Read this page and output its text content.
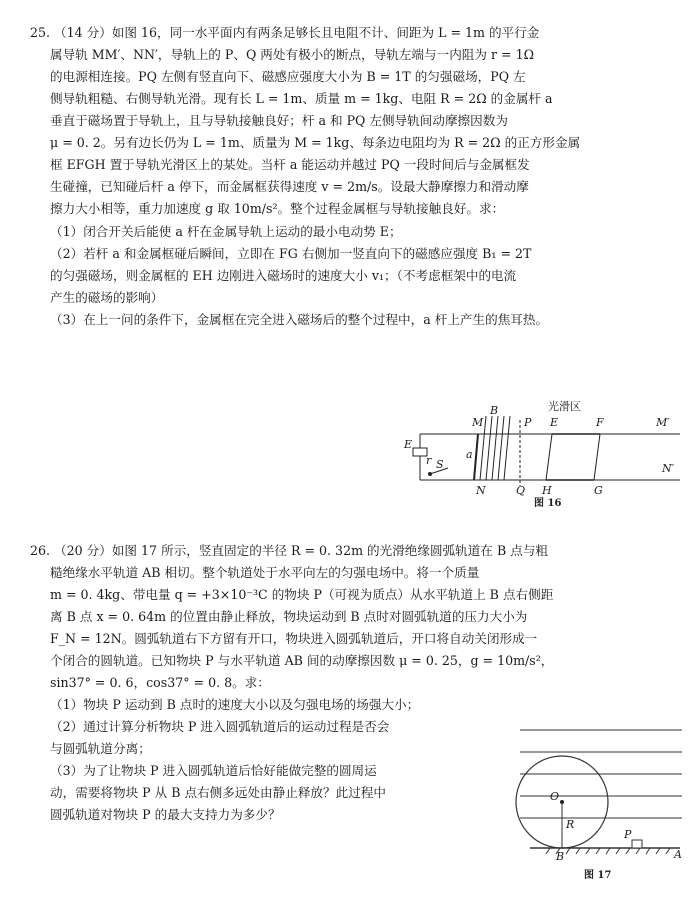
25. （14 分）如图 16，同一水平面内有两条足够长且电阻不计、间距为 L = 1m 的平行金
属导轨 MM′、NN′，导轨上的 P、Q 两处有极小的断点，导轨左端与一内阻为 r = 1Ω
的电源相连接。PQ 左侧有竖直向下、磁感应强度大小为 B = 1T 的匀强磁场，PQ 左
侧导轨粗糙、右侧导轨光滑。现有长 L = 1m、质量 m = 1kg、电阻 R = 2Ω 的金属杆 a
垂直于磁场置于导轨上，且与导轨接触良好；杆 a 和 PQ 左侧导轨间动摩擦因数为
μ = 0. 2。另有边长仍为 L = 1m、质量为 M = 1kg、每条边电阻均为 R = 2Ω 的正方形金属
框 EFGH 置于导轨光滑区上的某处。当杆 a 能运动并越过 PQ 一段时间后与金属框发
生碰撞，已知碰后杆 a 停下，而金属框获得速度 v = 2m/s。设最大静摩擦力和滑动摩
擦力大小相等，重力加速度 g 取 10m/s²。整个过程金属框与导轨接触良好。求：
（1）闭合开关后能使 a 杆在金属导轨上运动的最小电动势 E；
（2）若杆 a 和金属框碰后瞬间，立即在 FG 右侧加一竖直向下的磁感应强度 B₁ = 2T
的匀强磁场，则金属框的 EH 边刚进入磁场时的速度大小 v₁；（不考虑框架中的电流
产生的磁场的影响）
（3）在上一问的条件下，金属框在完全进入磁场后的整个过程中，a 杆上产生的焦耳热。
光滑区
B
M	P E	F	M′
E
r	a
S
N	Q H	G
N′
图 16
26. （20 分）如图 17 所示，竖直固定的半径 R = 0. 32m 的光滑绝缘圆弧轨道在 B 点与粗
糙绝缘水平轨道 AB 相切。整个轨道处于水平向左的匀强电场中。将一个质量
m = 0. 4kg、带电量 q = +3×10⁻³C 的物块 P（可视为质点）从水平轨道上 B 点右侧距
离 B 点 x = 0. 64m 的位置由静止释放，物块运动到 B 点时对圆弧轨道的压力大小为
F_N = 12N。圆弧轨道右下方留有开口，物块进入圆弧轨道后，开口将自动关闭形成一
个闭合的圆轨道。已知物块 P 与水平轨道 AB 间的动摩擦因数 μ = 0. 25，g = 10m/s²，
sin37° = 0. 6，cos37° = 0. 8。求：
（1）物块 P 运动到 B 点时的速度大小以及匀强电场的场强大小；
（2）通过计算分析物块 P 进入圆弧轨道后的运动过程是否会
与圆弧轨道分离；
（3）为了让物块 P 进入圆弧轨道后恰好能做完整的圆周运
动，需要将物块 P 从 B 点右侧多远处由静止释放？此过程中
圆弧轨道对物块 P 的最大支持力为多少？
O
R
P
B	A
图 17
